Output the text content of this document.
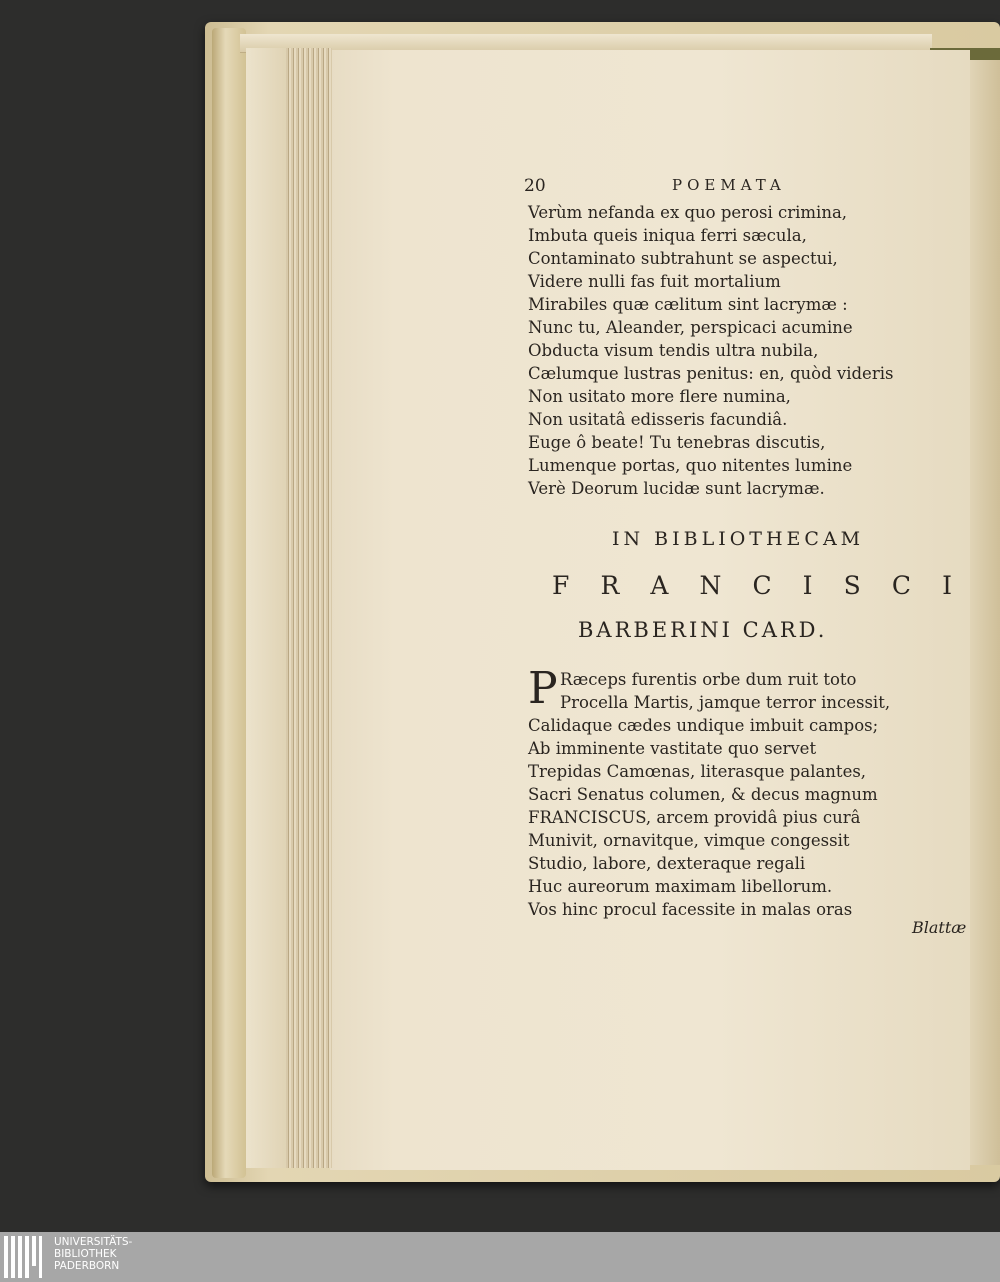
20	POEMATA
Verùm nefanda ex quo perosi crimina,
Imbuta queis iniqua ferri sæcula,
Contaminato subtrahunt se aspectui,
Videre nulli fas fuit mortalium
Mirabiles quæ cælitum sint lacrymæ :
Nunc tu, Aleander, perspicaci acumine
Obducta visum tendis ultra nubila,
Cælumque lustras penitus: en, quòd videris
Non usitato more flere numina,
Non usitatâ edisseris facundiâ.
Euge ô beate! Tu tenebras discutis,
Lumenque portas, quo nitentes lumine
Verè Deorum lucidæ sunt lacrymæ.
IN BIBLIOTHECAM
F R A N C I S C I
BARBERINI CARD.
P Ræceps furentis orbe dum ruit toto
Procella Martis, jamque terror incessit,
Calidaque cædes undique imbuit campos;
Ab imminente vastitate quo servet
Trepidas Camœnas, literasque palantes,
Sacri Senatus columen, & decus magnum
FRANCISCUS, arcem providâ pius curâ
Munivit, ornavitque, vimque congessit
Studio, labore, dexteraque regali
Huc aureorum maximam libellorum.
Vos hinc procul facessite in malas oras
Blattæ
UNIVERSITÄTS-
BIBLIOTHEK
PADERBORN
